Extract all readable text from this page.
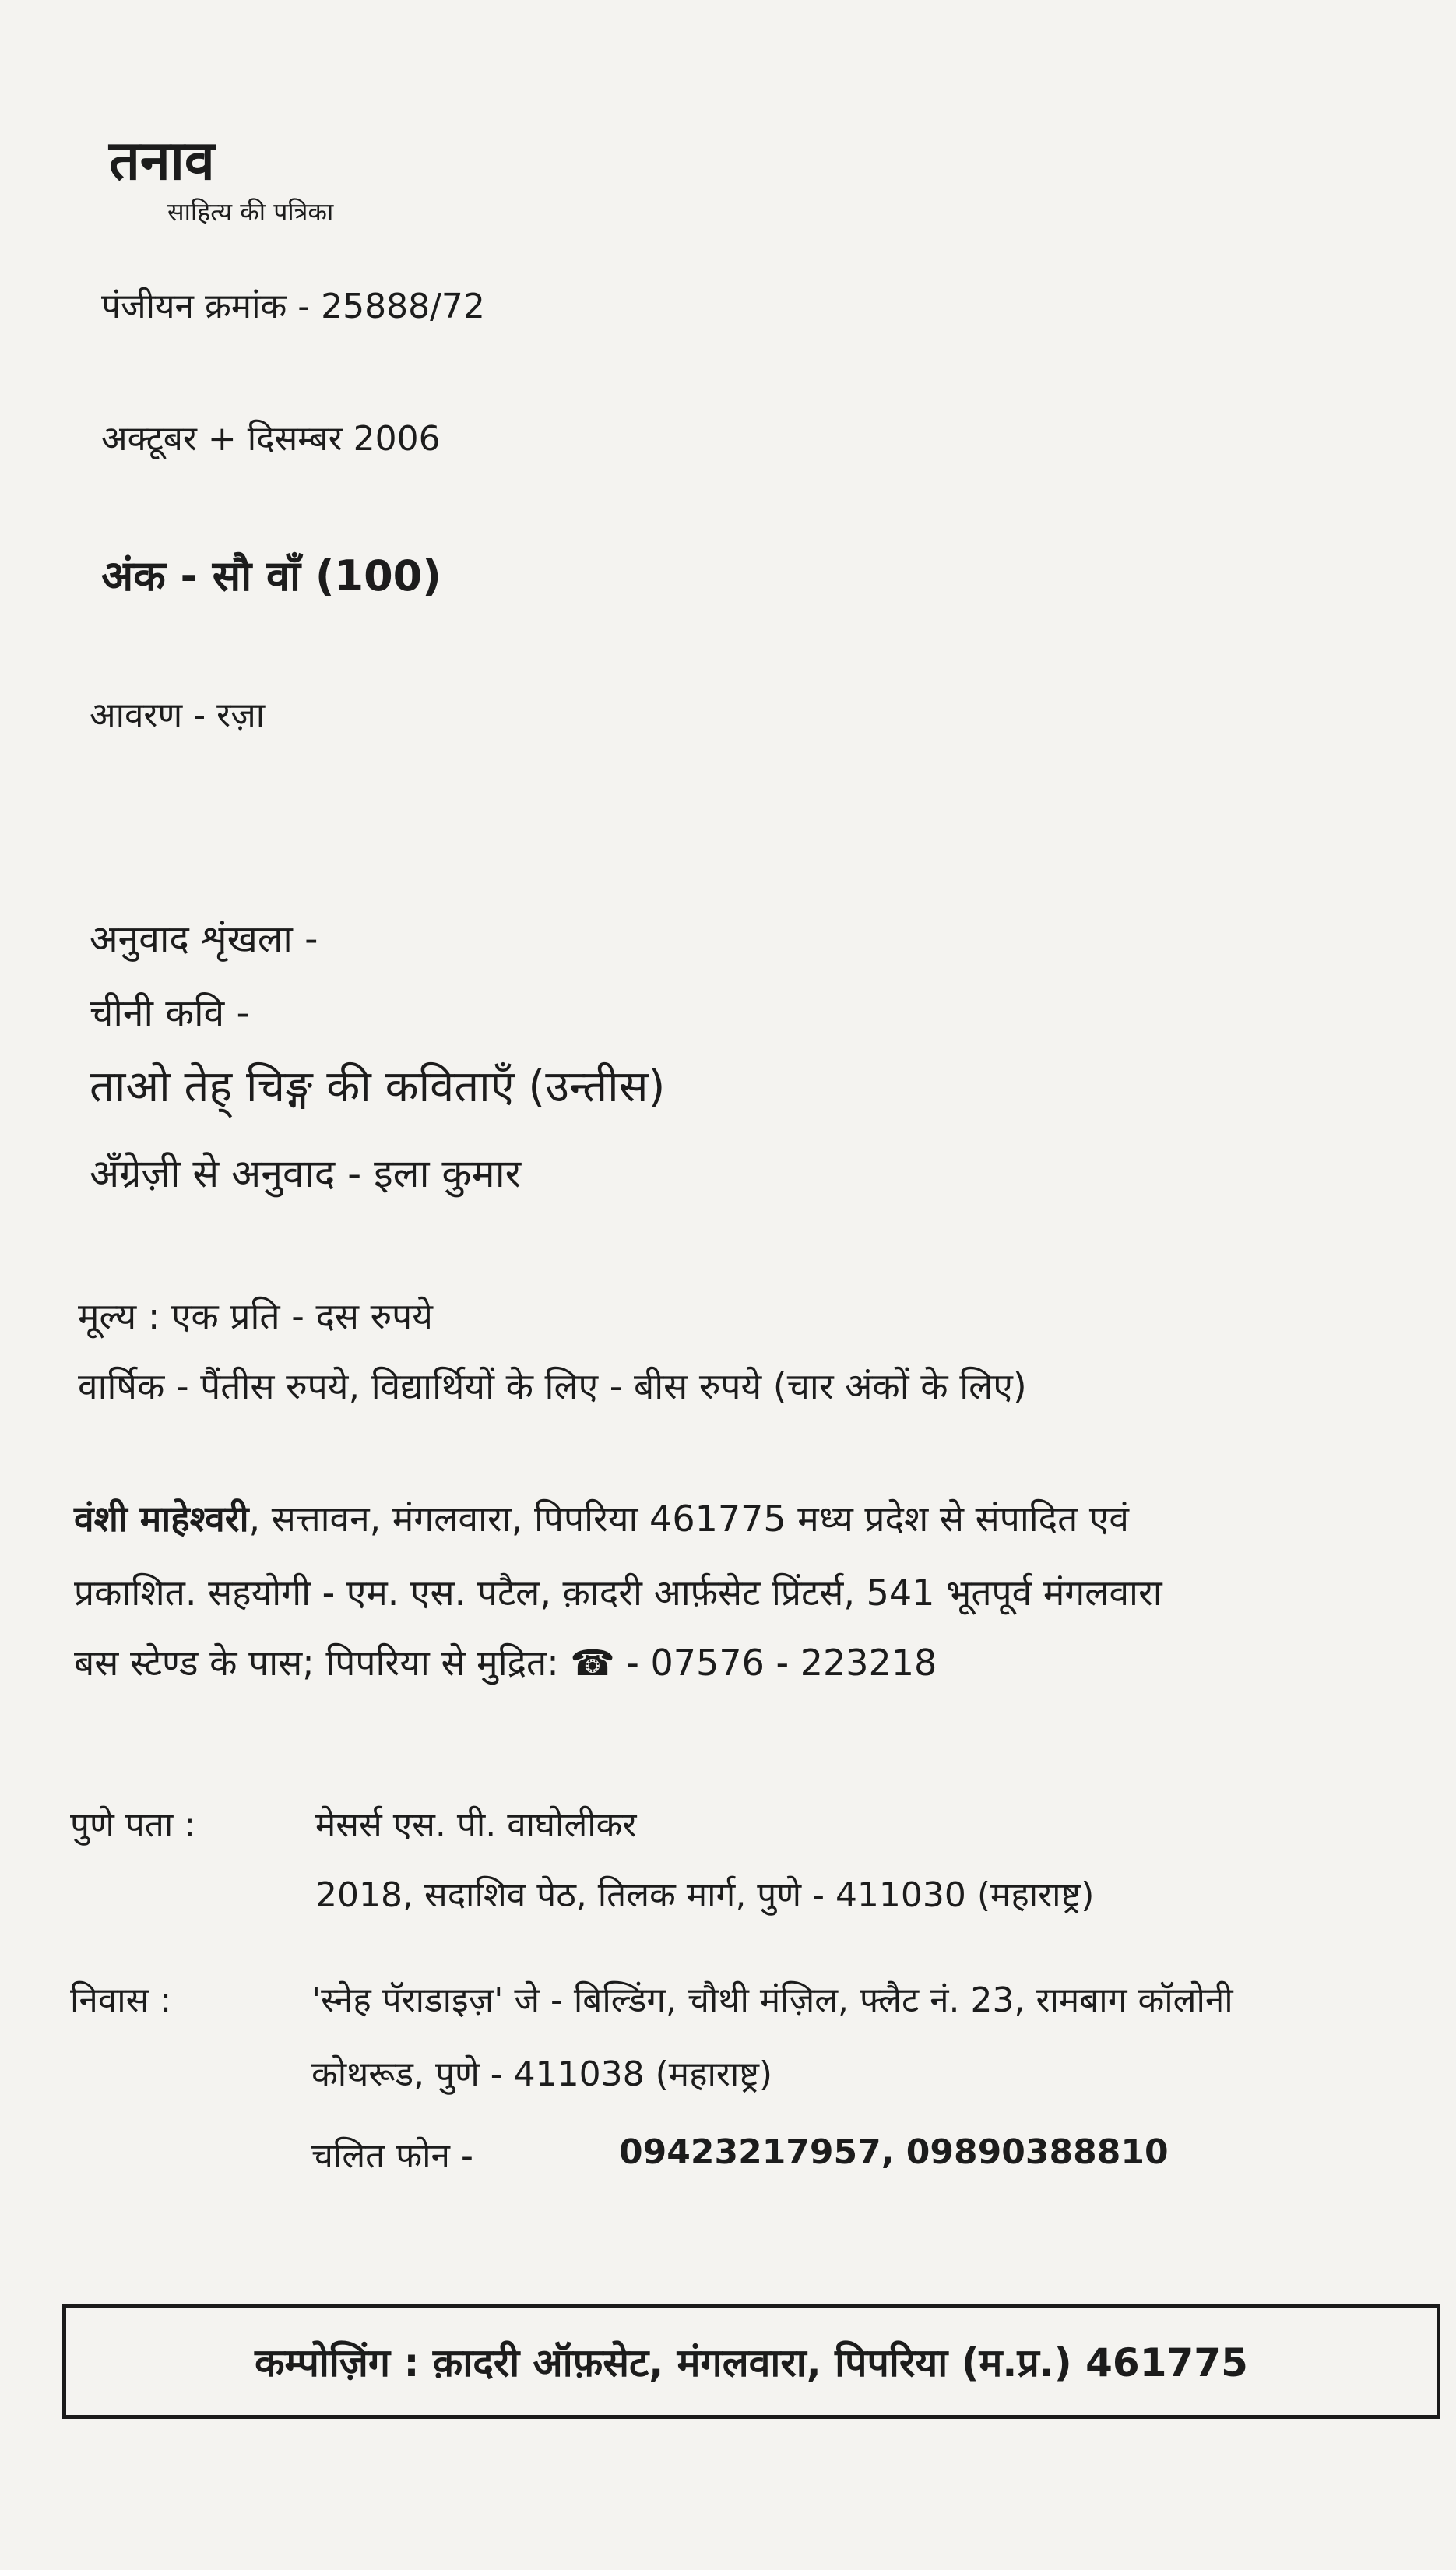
तनाव
साहित्य की पत्रिका
पंजीयन क्रमांक - 25888/72
अक्टूबर + दिसम्बर 2006
अंक - सौ वाँ (100)
आवरण - रज़ा
अनुवाद शृंखला -
चीनी कवि -
ताओ तेह् चिङ्ग की कविताएँ (उन्तीस)
अँग्रेज़ी से अनुवाद - इला कुमार
मूल्य : एक प्रति - दस रुपये
वार्षिक - पैंतीस रुपये, विद्यार्थियों के लिए - बीस रुपये (चार अंकों के लिए)
वंशी माहेश्वरी, सत्तावन, मंगलवारा, पिपरिया 461775 मध्य प्रदेश से संपादित एवं
प्रकाशित. सहयोगी - एम. एस. पटैल, क़ादरी आर्फ़सेट प्रिंटर्स, 541 भूतपूर्व मंगलवारा
बस स्टेण्ड के पास; पिपरिया से मुद्रित: ☎ - 07576 - 223218
पुणे पता :	मेसर्स एस. पी. वाघोलीकर
2018, सदाशिव पेठ, तिलक मार्ग, पुणे - 411030 (महाराष्ट्र)
निवास :	'स्नेह पॅराडाइज़' जे - बिल्डिंग, चौथी मंज़िल, फ्लैट नं. 23, रामबाग कॉलोनी
कोथरूड, पुणे - 411038 (महाराष्ट्र)
चलित फोन -	09423217957, 09890388810
कम्पोज़िंग : क़ादरी ऑफ़सेट, मंगलवारा, पिपरिया (म.प्र.) 461775
